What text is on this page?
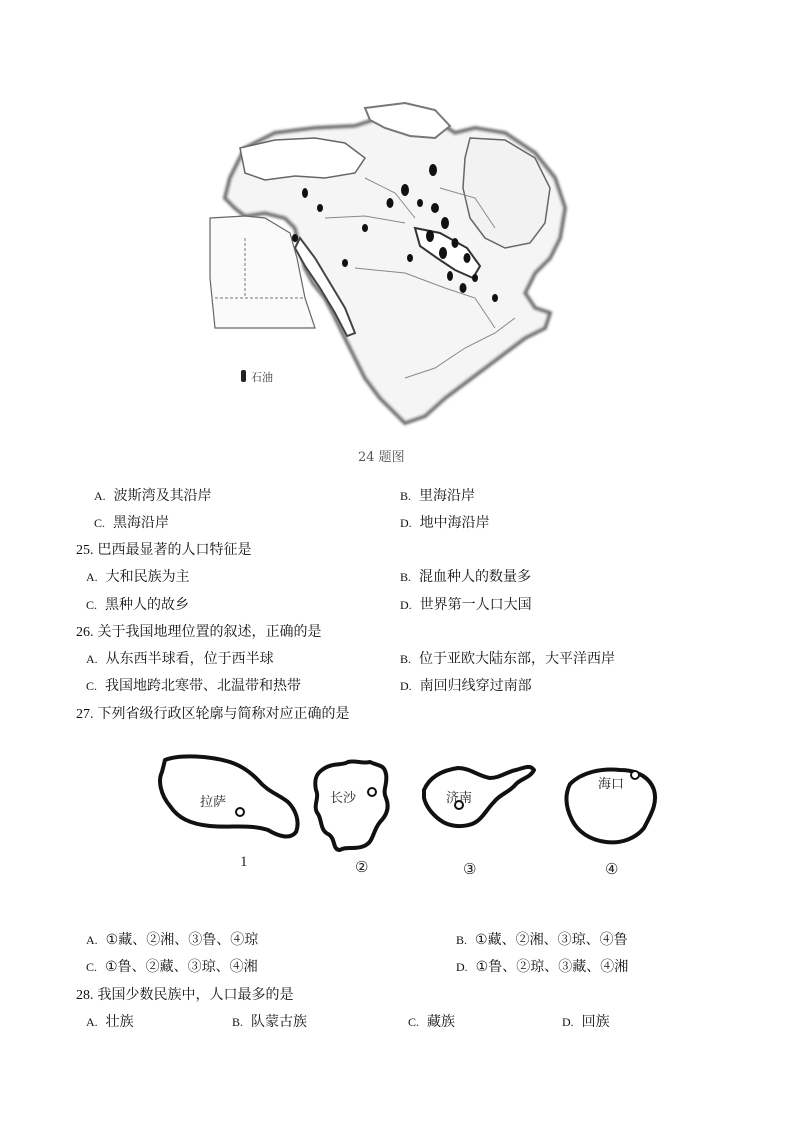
石油
24 题图
A. 波斯湾及其沿岸	B. 里海沿岸
C. 黑海沿岸	D. 地中海沿岸
25. 巴西最显著的人口特征是
A. 大和民族为主	B. 混血种人的数量多
C. 黑种人的故乡	D. 世界第一人口大国
26. 关于我国地理位置的叙述，正确的是
A. 从东西半球看，位于西半球	B. 位于亚欧大陆东部，大平洋西岸
C. 我国地跨北寒带、北温带和热带	D. 南回归线穿过南部
27. 下列省级行政区轮廓与简称对应正确的是
拉萨	长沙	济南
海口
1	②	③	④
A. ①藏、②湘、③鲁、④琼	B. ①藏、②湘、③琼、④鲁
C. ①鲁、②藏、③琼、④湘	D. ①鲁、②琼、③藏、④湘
28. 我国少数民族中，人口最多的是
A. 壮族	B. 队蒙古族	C. 藏族	D. 回族
